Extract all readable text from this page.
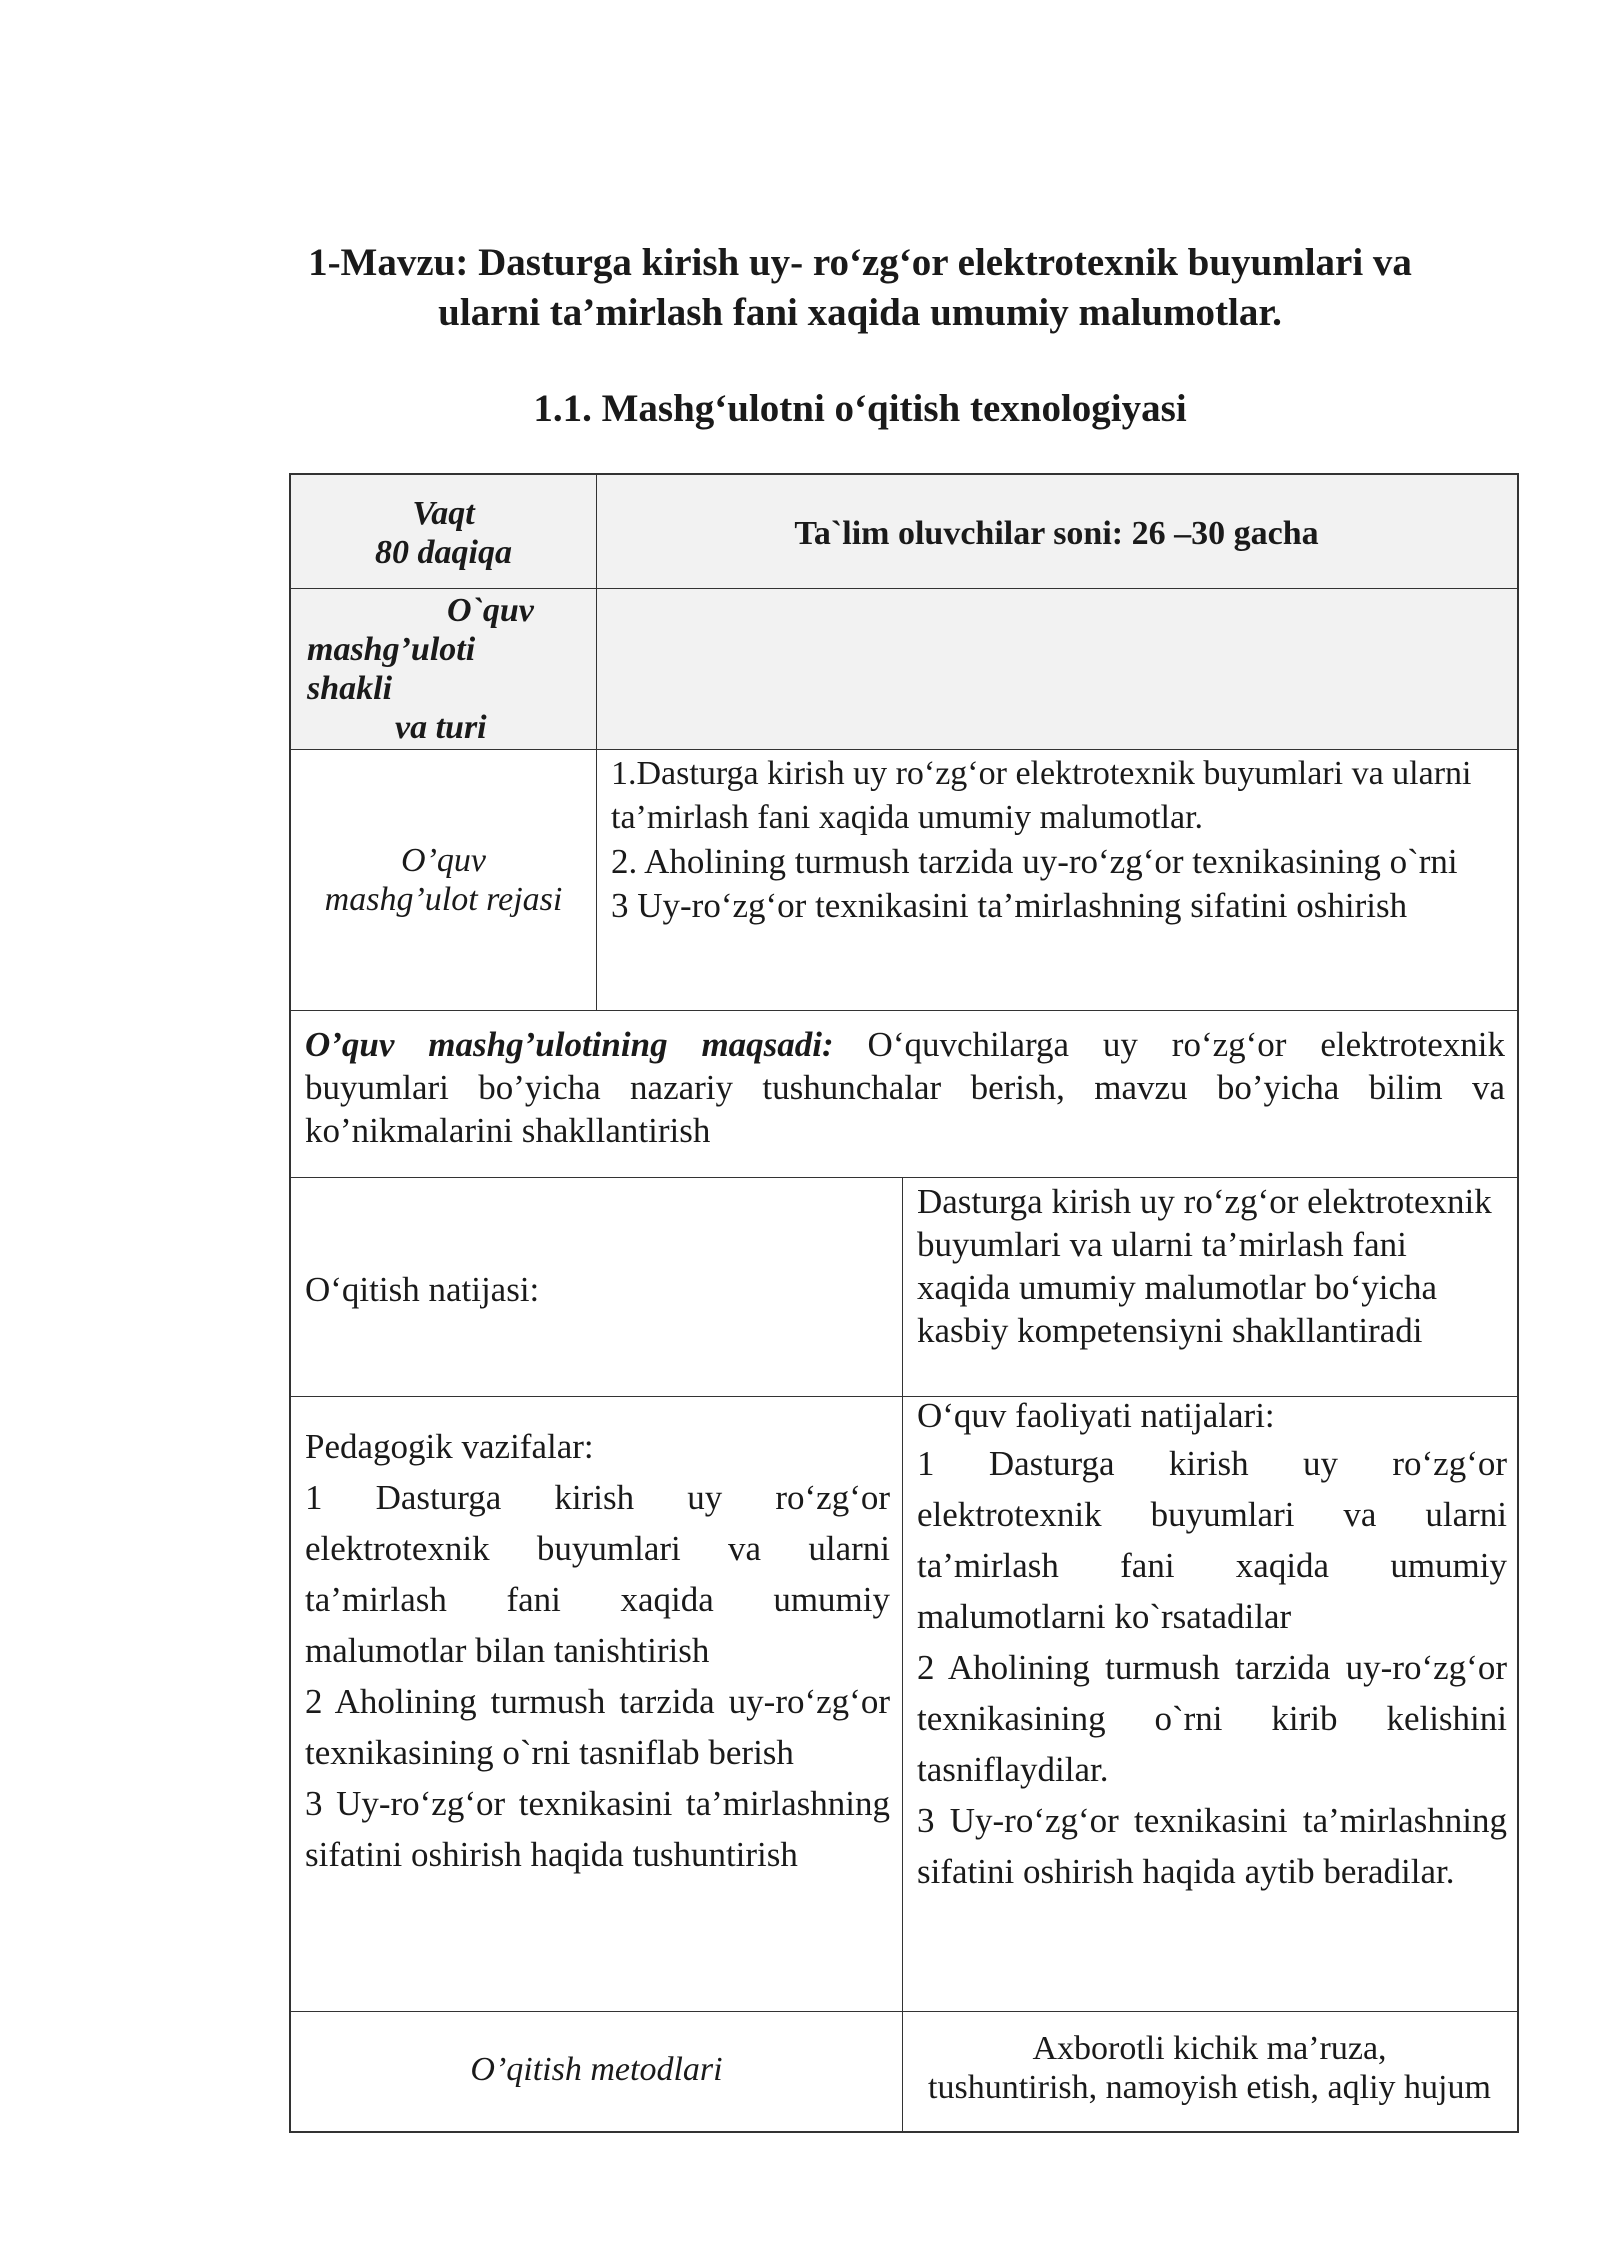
1-Mavzu: Dasturga kirish uy- ro‘zg‘or elektrotexnik buyumlari va
ularni ta’mirlash fani xaqida umumiy malumotlar.
1.1. Mashg‘ulotni o‘qitish texnologiyasi
Vaqt
80 daqiqa
Ta`lim oluvchilar soni: 26 –30 gacha
O`quv
mashg’uloti
shakli
va turi
O’quv
mashg’ulot rejasi
1.Dasturga kirish uy ro‘zg‘or elektrotexnik buyumlari va ularni ta’mirlash fani xaqida umumiy malumotlar.
2. Aholining turmush tarzida uy-ro‘zg‘or texnikasining o`rni
3 Uy-ro‘zg‘or texnikasini ta’mirlashning sifatini oshirish
O’quv mashg’ulotining maqsadi: O‘quvchilarga uy ro‘zg‘or elektrotexnik buyumlari bo’yicha nazariy tushunchalar berish, mavzu bo’yicha bilim va ko’nikmalarini shakllantirish
O‘qitish natijasi:
Dasturga kirish uy ro‘zg‘or elektrotexnik buyumlari va ularni ta’mirlash fani xaqida umumiy malumotlar bo‘yicha kasbiy kompetensiyni shakllantiradi
Pedagogik vazifalar:
1 Dasturga kirish uy ro‘zg‘or elektrotexnik buyumlari va ularni ta’mirlash fani xaqida umumiy malumotlar bilan tanishtirish
2 Aholining turmush tarzida uy-ro‘zg‘or texnikasining o`rni tasniflab berish
3 Uy-ro‘zg‘or texnikasini ta’mirlashning sifatini oshirish haqida tushuntirish
O‘quv faoliyati natijalari:
1 Dasturga kirish uy ro‘zg‘or elektrotexnik buyumlari va ularni ta’mirlash fani xaqida umumiy malumotlarni ko`rsatadilar
2 Aholining turmush tarzida uy-ro‘zg‘or texnikasining o`rni kirib kelishini tasniflaydilar.
3 Uy-ro‘zg‘or texnikasini ta’mirlashning sifatini oshirish haqida aytib beradilar.
O’qitish metodlari
Axborotli kichik ma’ruza,
tushuntirish, namoyish etish, aqliy hujum
